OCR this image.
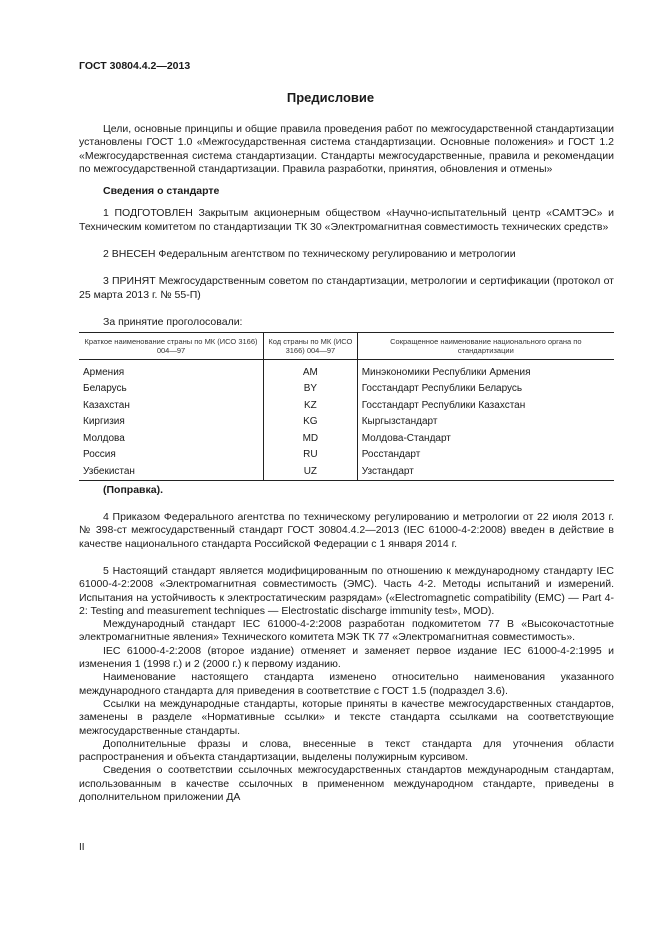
ГОСТ 30804.4.2—2013
Предисловие

Цели, основные принципы и общие правила проведения работ по межгосударственной стандартизации установлены ГОСТ 1.0 «Межгосударственная система стандартизации. Основные положения» и ГОСТ 1.2 «Межгосударственная система стандартизации. Стандарты межгосударственные, правила и рекомендации по межгосударственной стандартизации. Правила разработки, принятия, обновления и отмены»

Сведения о стандарте

1 ПОДГОТОВЛЕН Закрытым акционерным обществом «Научно-испытательный центр «САМТЭС» и Техническим комитетом по стандартизации ТК 30 «Электромагнитная совместимость технических средств»

2 ВНЕСЕН Федеральным агентством по техническому регулированию и метрологии

3 ПРИНЯТ Межгосударственным советом по стандартизации, метрологии и сертификации (протокол от 25 марта 2013 г. № 55-П)

За принятие проголосовали:

Краткое наименование страны по МК (ИСО 3166) 004—97	Код страны по МК (ИСО 3166) 004—97	Сокращенное наименование национального органа по стандартизации
Армения	AM	Минэкономики Республики Армения
Беларусь	BY	Госстандарт Республики Беларусь
Казахстан	KZ	Госстандарт Республики Казахстан
Киргизия	KG	Кыргызстандарт
Молдова	MD	Молдова-Стандарт
Россия	RU	Росстандарт
Узбекистан	UZ	Узстандарт

(Поправка).

4 Приказом Федерального агентства по техническому регулированию и метрологии от 22 июля 2013 г. № 398-ст межгосударственный стандарт ГОСТ 30804.4.2—2013 (IEC 61000-4-2:2008) введен в действие в качестве национального стандарта Российской Федерации с 1 января 2014 г.

5 Настоящий стандарт является модифицированным по отношению к международному стандарту IEC 61000-4-2:2008 «Электромагнитная совместимость (ЭМС). Часть 4-2. Методы испытаний и измерений. Испытания на устойчивость к электростатическим разрядам» («Electromagnetic compatibility (EMC) — Part 4-2: Testing and measurement techniques — Electrostatic discharge immunity test», MOD).

Международный стандарт IEC 61000-4-2:2008 разработан подкомитетом 77 В «Высокочастотные электромагнитные явления» Технического комитета МЭК ТК 77 «Электромагнитная совместимость».

IEC 61000-4-2:2008 (второе издание) отменяет и заменяет первое издание IEC 61000-4-2:1995 и изменения 1 (1998 г.) и 2 (2000 г.) к первому изданию.

Наименование настоящего стандарта изменено относительно наименования указанного международного стандарта для приведения в соответствие с ГОСТ 1.5 (подраздел 3.6).

Ссылки на международные стандарты, которые приняты в качестве межгосударственных стандартов, заменены в разделе «Нормативные ссылки» и тексте стандарта ссылками на соответствующие межгосударственные стандарты.

Дополнительные фразы и слова, внесенные в текст стандарта для уточнения области распространения и объекта стандартизации, выделены полужирным курсивом.

Сведения о соответствии ссылочных межгосударственных стандартов международным стандартам, использованным в качестве ссылочных в примененном международном стандарте, приведены в дополнительном приложении ДА

II
